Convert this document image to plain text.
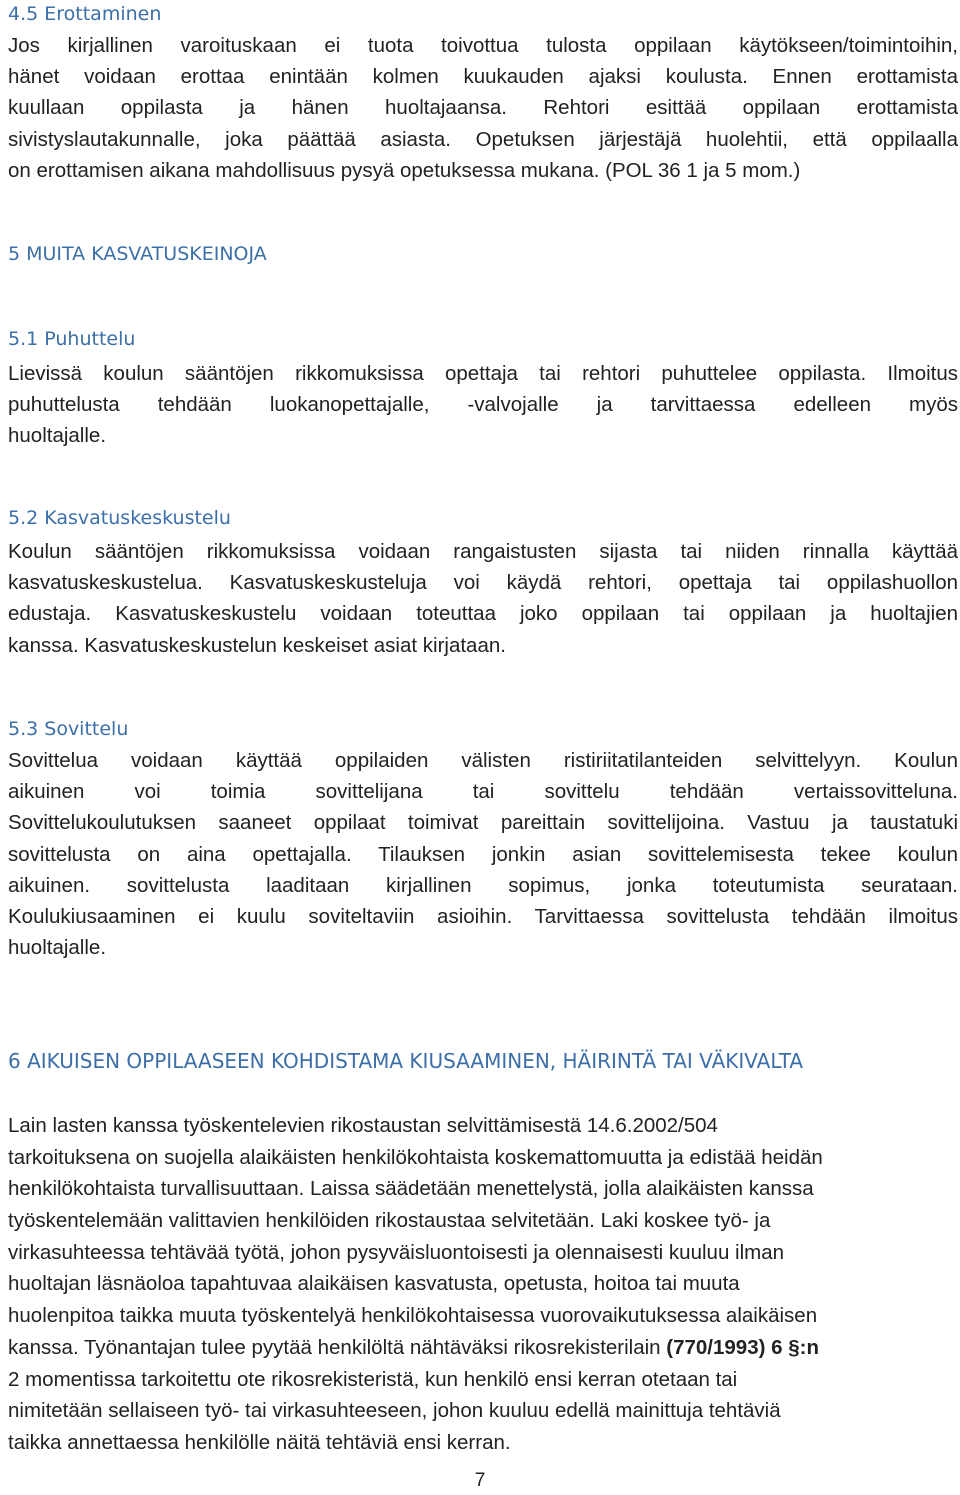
4.5 Erottaminen
Jos kirjallinen varoituskaan ei tuota toivottua tulosta oppilaan käytökseen/toimintoihin,
hänet voidaan erottaa enintään kolmen kuukauden ajaksi koulusta. Ennen erottamista
kuullaan oppilasta ja hänen huoltajaansa. Rehtori esittää oppilaan erottamista
sivistyslautakunnalle, joka päättää asiasta. Opetuksen järjestäjä huolehtii, että oppilaalla
on erottamisen aikana mahdollisuus pysyä opetuksessa mukana. (POL 36 1 ja 5 mom.)
5 MUITA KASVATUSKEINOJA
5.1 Puhuttelu
Lievissä koulun sääntöjen rikkomuksissa opettaja tai rehtori puhuttelee oppilasta. Ilmoitus
puhuttelusta tehdään luokanopettajalle, -valvojalle ja tarvittaessa edelleen myös
huoltajalle.
5.2 Kasvatuskeskustelu
Koulun sääntöjen rikkomuksissa voidaan rangaistusten sijasta tai niiden rinnalla käyttää
kasvatuskeskustelua. Kasvatuskeskusteluja voi käydä rehtori, opettaja tai oppilashuollon
edustaja. Kasvatuskeskustelu voidaan toteuttaa joko oppilaan tai oppilaan ja huoltajien
kanssa. Kasvatuskeskustelun keskeiset asiat kirjataan.
5.3 Sovittelu
Sovittelua voidaan käyttää oppilaiden välisten ristiriitatilanteiden selvittelyyn. Koulun
aikuinen voi toimia sovittelijana tai sovittelu tehdään vertaissovitteluna.
Sovittelukoulutuksen saaneet oppilaat toimivat pareittain sovittelijoina. Vastuu ja taustatuki
sovittelusta on aina opettajalla. Tilauksen jonkin asian sovittelemisesta tekee koulun
aikuinen. sovittelusta laaditaan kirjallinen sopimus, jonka toteutumista seurataan.
Koulukiusaaminen ei kuulu soviteltaviin asioihin. Tarvittaessa sovittelusta tehdään ilmoitus
huoltajalle.
6 AIKUISEN OPPILAASEEN KOHDISTAMA KIUSAAMINEN, HÄIRINTÄ TAI VÄKIVALTA
Lain lasten kanssa työskentelevien rikostaustan selvittämisestä 14.6.2002/504
tarkoituksena on suojella alaikäisten henkilökohtaista koskemattomuutta ja edistää heidän
henkilökohtaista turvallisuuttaan. Laissa säädetään menettelystä, jolla alaikäisten kanssa
työskentelemään valittavien henkilöiden rikostaustaa selvitetään. Laki koskee työ- ja
virkasuhteessa tehtävää työtä, johon pysyväisluontoisesti ja olennaisesti kuuluu ilman
huoltajan läsnäoloa tapahtuvaa alaikäisen kasvatusta, opetusta, hoitoa tai muuta
huolenpitoa taikka muuta työskentelyä henkilökohtaisessa vuorovaikutuksessa alaikäisen
kanssa. Työnantajan tulee pyytää henkilöltä nähtäväksi rikosrekisterilain (770/1993) 6 §:n
2 momentissa tarkoitettu ote rikosrekisteristä, kun henkilö ensi kerran otetaan tai
nimitetään sellaiseen työ- tai virkasuhteeseen, johon kuuluu edellä mainittuja tehtäviä
taikka annettaessa henkilölle näitä tehtäviä ensi kerran.
7
